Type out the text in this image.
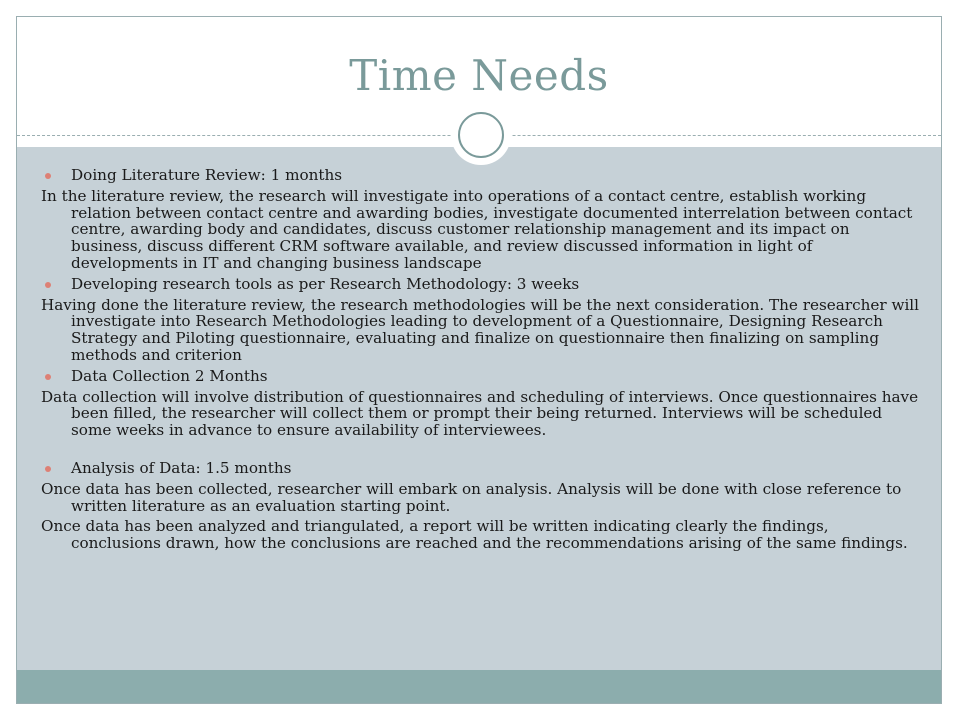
Time Needs
Doing Literature Review: 1 months
In the literature review, the research will investigate into operations of a contact centre, establish working relation between contact centre and awarding bodies, investigate documented interrelation between contact centre, awarding body and candidates, discuss customer relationship management and its impact on business, discuss different CRM software available, and review discussed information in light of developments in IT and changing business landscape
Developing research tools as per Research Methodology: 3 weeks
Having done the literature review, the research methodologies will be the next consideration. The researcher will investigate into Research Methodologies leading to development of a Questionnaire, Designing Research Strategy and Piloting questionnaire, evaluating and finalize on questionnaire then finalizing on sampling methods and criterion
Data Collection 2 Months
Data collection will involve distribution of questionnaires and scheduling of interviews. Once questionnaires have been filled, the researcher will collect them or prompt their being returned. Interviews will be scheduled some weeks in advance to ensure availability of interviewees.
Analysis of Data: 1.5 months
Once data has been collected, researcher will embark on analysis. Analysis will be done with close reference to written literature as an evaluation starting point.
Once data has been analyzed and triangulated, a report will be written indicating clearly the findings, conclusions drawn, how the conclusions are reached and the recommendations arising of the same findings.
